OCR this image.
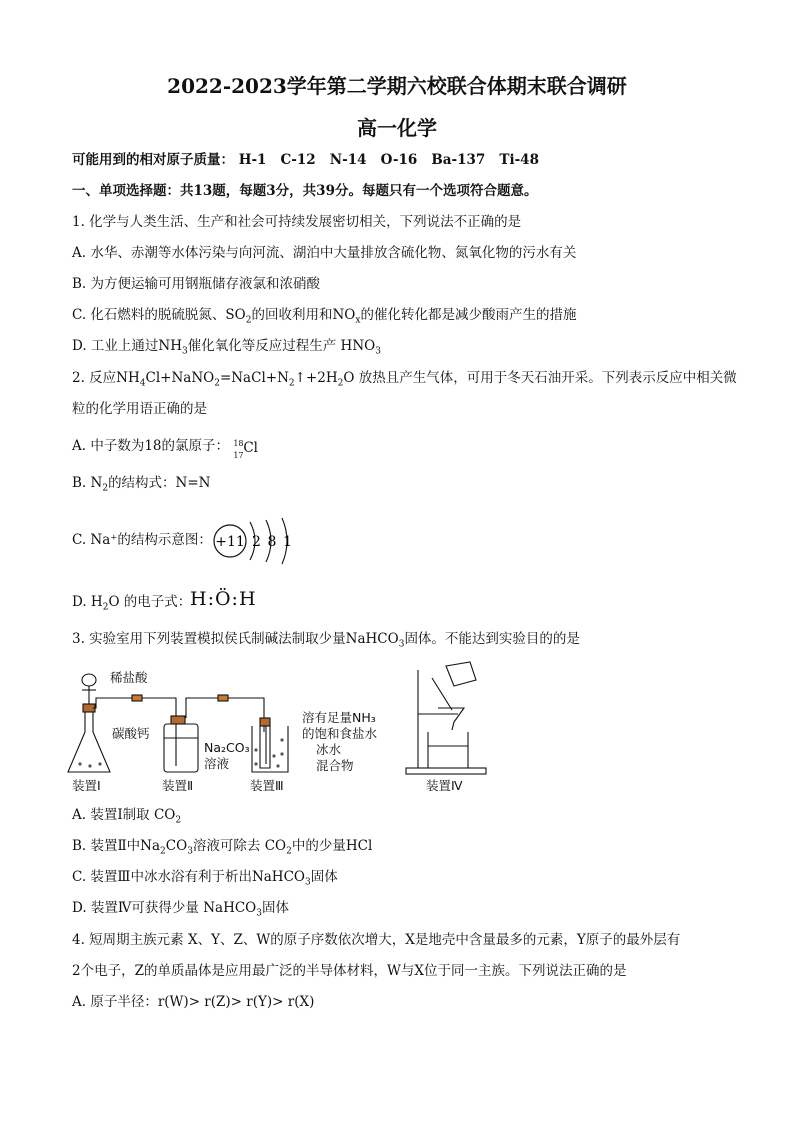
2022-2023学年第二学期六校联合体期末联合调研
高一化学
可能用到的相对原子质量： H-1   C-12   N-14   O-16   Ba-137   Ti-48
一、单项选择题：共13题，每题3分，共39分。每题只有一个选项符合题意。
1. 化学与人类生活、生产和社会可持续发展密切相关，下列说法不正确的是
A. 水华、赤潮等水体污染与向河流、湖泊中大量排放含硫化物、氮氧化物的污水有关
B. 为方便运输可用钢瓶储存液氯和浓硝酸
C. 化石燃料的脱硫脱氮、$SO_2$的回收利用和$NO_x$的催化转化都是减少酸雨产生的措施
D. 工业上通过$NH_3$催化氧化等反应过程生产 $HNO_3$
2. 反应$NH_4Cl+NaNO_2=NaCl+N_2↑+2H_2O$ 放热且产生气体，可用于冬天石油开采。下列表示反应中相关微
粒的化学用语正确的是
A. 中子数为18的氯原子： 18
17 Cl
B. $N_2$的结构式：N=N
C. Na⁺的结构示意图： +11 2 8 1
D. $H_2O$ 的电子式：
H:Ö:H
3. 实验室用下列装置模拟侯氏制碱法制取少量NaHCO$_3$固体。不能达到实验目的的是
稀盐酸
碳酸钙
Na₂CO₃
溶液
溶有足量NH₃
的饱和食盐水
冰水
混合物
装置Ⅰ	装置Ⅱ	装置Ⅲ	装置Ⅳ
A. 装置Ⅰ制取 $CO_2$
B. 装置Ⅱ中$Na_2CO_3$溶液可除去 $CO_2$中的少量HCl
C. 装置Ⅲ中冰水浴有利于析出NaHCO$_3$固体
D. 装置Ⅳ可获得少量 NaHCO$_3$固体
4. 短周期主族元素 X、Y、Z、W的原子序数依次增大，X是地壳中含量最多的元素，Y原子的最外层有
2个电子，Z的单质晶体是应用最广泛的半导体材料，W与X位于同一主族。下列说法正确的是
A. 原子半径：r(W)> r(Z)> r(Y)> r(X)
